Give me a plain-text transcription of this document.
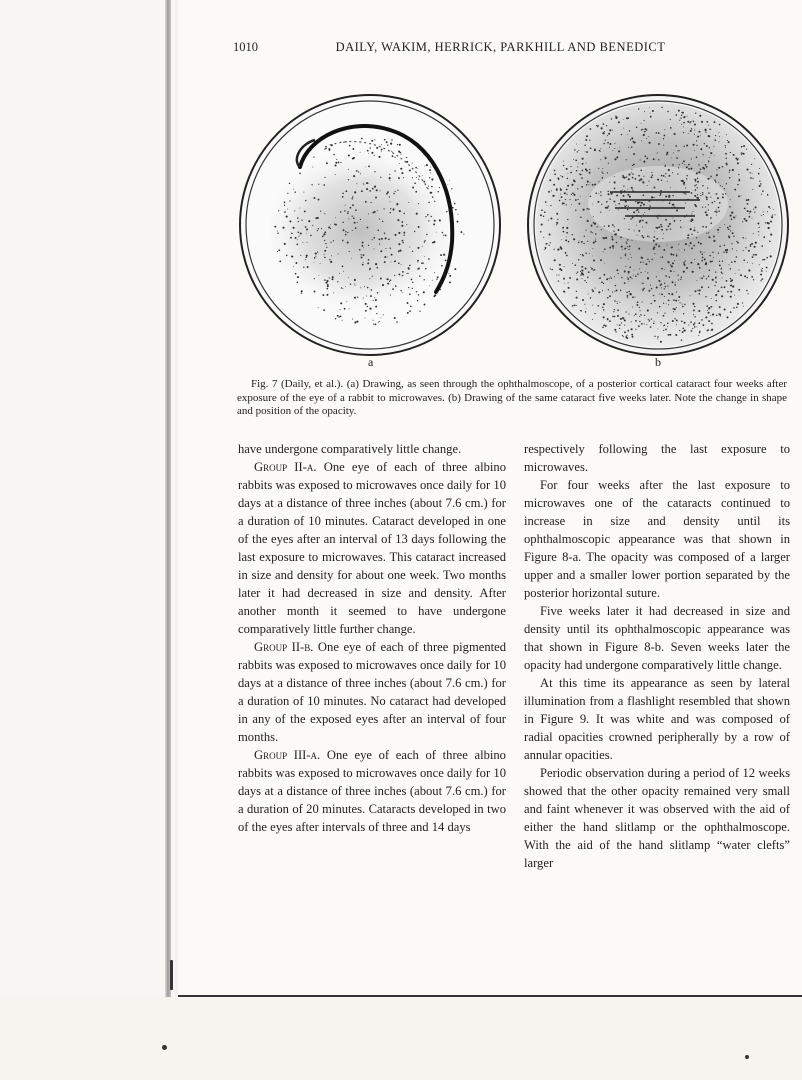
1010	DAILY, WAKIM, HERRICK, PARKHILL AND BENEDICT
a	b
Fig. 7 (Daily, et al.). (a) Drawing, as seen through the ophthalmoscope, of a posterior cortical cataract four weeks after exposure of the eye of a rabbit to microwaves. (b) Drawing of the same cataract five weeks later. Note the change in shape and position of the opacity.

have undergone comparatively little change.

Group II-a. One eye of each of three albino rabbits was exposed to microwaves once daily for 10 days at a distance of three inches (about 7.6 cm.) for a duration of 10 minutes. Cataract developed in one of the eyes after an interval of 13 days following the last exposure to microwaves. This cataract increased in size and density for about one week. Two months later it had decreased in size and density. After another month it seemed to have undergone comparatively little further change.

Group II-b. One eye of each of three pigmented rabbits was exposed to microwaves once daily for 10 days at a distance of three inches (about 7.6 cm.) for a duration of 10 minutes. No cataract had developed in any of the exposed eyes after an interval of four months.

Group III-a. One eye of each of three albino rabbits was exposed to microwaves once daily for 10 days at a distance of three inches (about 7.6 cm.) for a duration of 20 minutes. Cataracts developed in two of the eyes after intervals of three and 14 days

respectively following the last exposure to microwaves.

For four weeks after the last exposure to microwaves one of the cataracts continued to increase in size and density until its ophthalmoscopic appearance was that shown in Figure 8-a. The opacity was composed of a larger upper and a smaller lower portion separated by the posterior horizontal suture.

Five weeks later it had decreased in size and density until its ophthalmoscopic appearance was that shown in Figure 8-b. Seven weeks later the opacity had undergone comparatively little change.

At this time its appearance as seen by lateral illumination from a flashlight resembled that shown in Figure 9. It was white and was composed of radial opacities crowned peripherally by a row of annular opacities.

Periodic observation during a period of 12 weeks showed that the other opacity remained very small and faint whenever it was observed with the aid of either the hand slitlamp or the ophthalmoscope. With the aid of the hand slitlamp “water clefts” larger
